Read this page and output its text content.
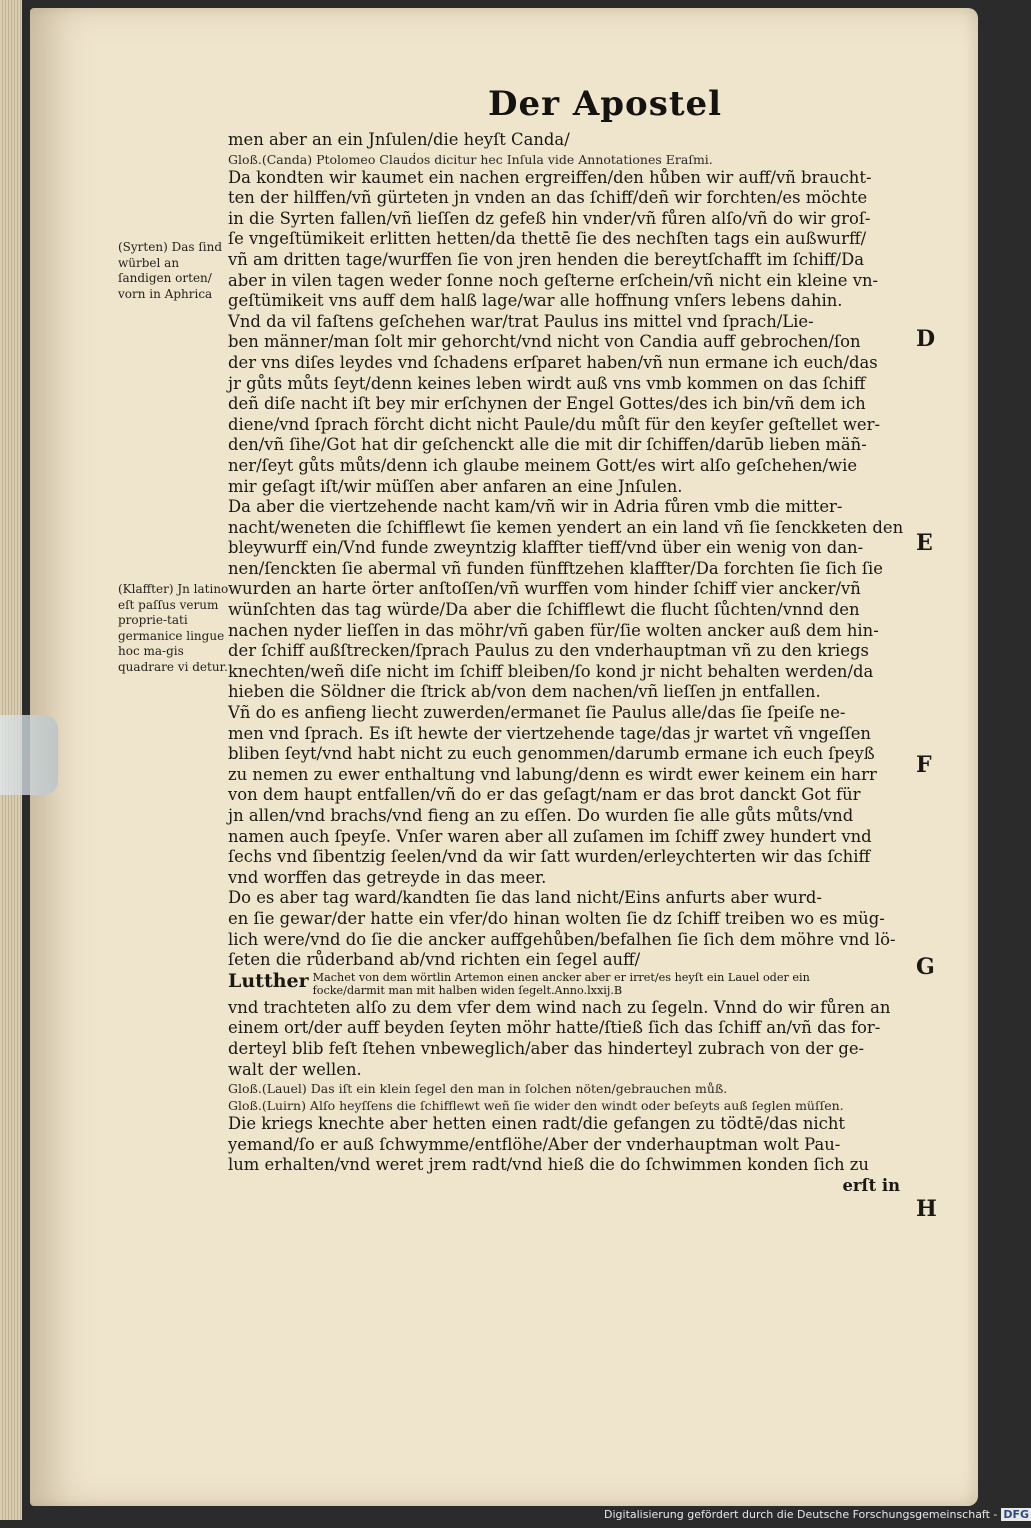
Der Apostel
(Syrten) Das ſind würbel an ſandigen orten/ vorn in Aphrica
(Klaffter) Jn latino eſt paſſus verum proprie-tati germanice lingue hoc ma-gis quadrare vi detur.
D
E
F
G
H
men aber an ein Jnſulen/die heyſt Canda/
Gloß.(Canda) Ptolomeo Clauḋos dicitur hec Inſula vide Annotationes Eraſmi.
Da kondten wir kaumet ein nachen ergreiffen/den hůben wir auff/vñ braucht-
ten der hilffen/vñ gürteten jn vnden an das ſchiff/deñ wir forchten/es möchte
in die Syrten fallen/vñ lieſſen dz gefeß hin vnder/vñ fůren alſo/vñ do wir groſ-
ſe vngeſtümikeit erlitten hetten/da thettē ſie des nechſten tags ein außwurff/
vñ am dritten tage/wurffen ſie von jren henden die bereytſchafft im ſchiff/Da
aber in vilen tagen weder ſonne noch geſterne erſchein/vñ nicht ein kleine vn-
geſtümikeit vns auff dem halß lage/war alle hoffnung vnſers lebens dahin.
Vnd da vil faſtens geſchehen war/trat Paulus ins mittel vnd ſprach/Lie-
ben männer/man ſolt mir gehorcht/vnd nicht von Candia auff gebrochen/ſon
der vns diſes leydes vnd ſchadens erſparet haben/vñ nun ermane ich euch/das
jr gůts můts ſeyt/denn keines leben wirdt auß vns vmb kommen on das ſchiff
deñ diſe nacht iſt bey mir erſchynen der Engel Gottes/des ich bin/vñ dem ich
diene/vnd ſprach förcht dicht nicht Paule/du můſt für den keyſer geſtellet wer-
den/vñ ſihe/Got hat dir geſchenckt alle die mit dir ſchiffen/darūb lieben mäñ-
ner/ſeyt gůts můts/denn ich glaube meinem Gott/es wirt alſo geſchehen/wie
mir geſagt iſt/wir müſſen aber anfaren an eine Jnſulen.
Da aber die viertzehende nacht kam/vñ wir in Adria fůren vmb die mitter-
nacht/weneten die ſchifflewt ſie kemen yendert an ein land vñ ſie ſenckketen den
bleywurff ein/Vnd funde zweyntzig klaffter tieff/vnd über ein wenig von dan-
nen/ſenckten ſie abermal vñ funden fünfftzehen klaffter/Da forchten ſie ſich ſie
wurden an harte örter anſtoſſen/vñ wurffen vom hinder ſchiff vier ancker/vñ
wünſchten das tag würde/Da aber die ſchifflewt die flucht ſůchten/vnnd den
nachen nyder lieſſen in das möhr/vñ gaben für/ſie wolten ancker auß dem hin-
der ſchiff außſtrecken/ſprach Paulus zu den vnderhauptman vñ zu den kriegs
knechten/weñ diſe nicht im ſchiff bleiben/ſo kond jr nicht behalten werden/da
hieben die Söldner die ſtrick ab/von dem nachen/vñ lieſſen jn entfallen.
Vñ do es anfieng liecht zuwerden/ermanet ſie Paulus alle/das ſie ſpeiſe ne-
men vnd ſprach. Es iſt hewte der viertzehende tage/das jr wartet vñ vngeſſen
bliben ſeyt/vnd habt nicht zu euch genommen/darumb ermane ich euch ſpeyß
zu nemen zu ewer enthaltung vnd labung/denn es wirdt ewer keinem ein harr
von dem haupt entfallen/vñ do er das geſagt/nam er das brot danckt Got für
jn allen/vnd brachs/vnd fieng an zu eſſen. Do wurden ſie alle gůts můts/vnd
namen auch ſpeyſe. Vnſer waren aber all zuſamen im ſchiff zwey hundert vnd
ſechs vnd ſibentzig ſeelen/vnd da wir ſatt wurden/erleychterten wir das ſchiff
vnd worffen das getreyde in das meer.
Do es aber tag ward/kandten ſie das land nicht/Eins anfurts aber wurd-
en ſie gewar/der hatte ein vfer/do hinan wolten ſie dz ſchiff treiben wo es müg-
lich were/vnd do ſie die ancker auffgehůben/befalhen ſie ſich dem möhre vnd lö-
ſeten die růderband ab/vnd richten ein ſegel auff/
Lutther Machet von dem wörtlin Artemon einen ancker aber er irret/es heyſt ein Lauel oder ein
focke/darmit man mit halben widen ſegelt.Anno.lxxij.B
vnd trachteten alſo zu dem vfer dem wind nach zu ſegeln. Vnnd do wir fůren an
einem ort/der auff beyden ſeyten möhr hatte/ſtieß ſich das ſchiff an/vñ das for-
derteyl blib feſt ſtehen vnbeweglich/aber das hinderteyl zubrach von der ge-
walt der wellen.
Gloß.(Lauel) Das iſt ein klein ſegel den man in ſolchen nöten/gebrauchen můß.
Gloß.(Luirn) Alſo heyſſens die ſchifflewt weñ ſie wider den windt oder beſeyts auß ſeglen müſſen.
Die kriegs knechte aber hetten einen radt/die gefangen zu tödtē/das nicht
yemand/ſo er auß ſchwymme/entflöhe/Aber der vnderhauptman wolt Pau-
lum erhalten/vnd weret jrem radt/vnd hieß die do ſchwimmen konden ſich zu
erſt in
Digitalisierung gefördert durch die Deutsche Forschungsgemeinschaft - DFG
